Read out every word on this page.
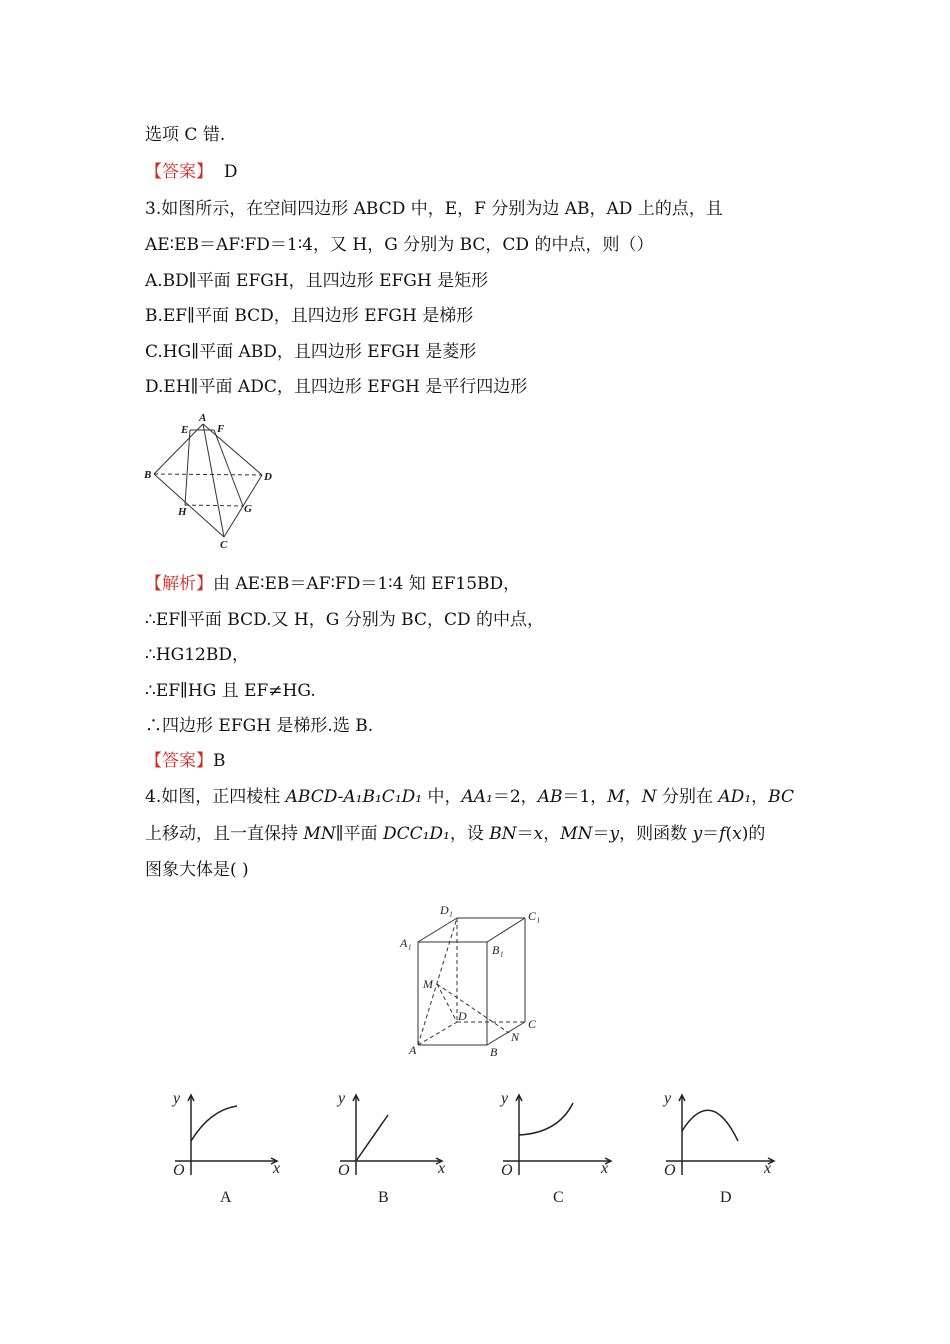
选项 C 错.
【答案】 D
3.如图所示，在空间四边形 ABCD 中，E，F 分别为边 AB，AD 上的点，且
AE∶EB＝AF∶FD＝1∶4，又 H，G 分别为 BC，CD 的中点，则（）
A.BD∥平面 EFGH，且四边形 EFGH 是矩形
B.EF∥平面 BCD，且四边形 EFGH 是梯形
C.HG∥平面 ABD，且四边形 EFGH 是菱形
D.EH∥平面 ADC，且四边形 EFGH 是平行四边形
A
E	F
B	D
H	G
C
【解析】由 AE∶EB＝AF∶FD＝1∶4 知 EF15BD，
∴EF∥平面 BCD.又 H，G 分别为 BC，CD 的中点，
∴HG12BD，
∴EF∥HG 且 EF≠HG.
∴四边形 EFGH 是梯形.选 B.
【答案】B
4.如图，正四棱柱 ABCD-A₁B₁C₁D₁ 中，AA₁＝2，AB＝1，M，N 分别在 AD₁，BC
上移动，且一直保持 MN∥平面 DCC₁D₁，设 BN＝x，MN＝y，则函数 y＝f(x)的
图象大体是( )
D₁	C₁
A₁	B₁
M
D
C
N
A	B
y
x
O
A
y
x
O
B
y
x
O
C
y
x
O
D
